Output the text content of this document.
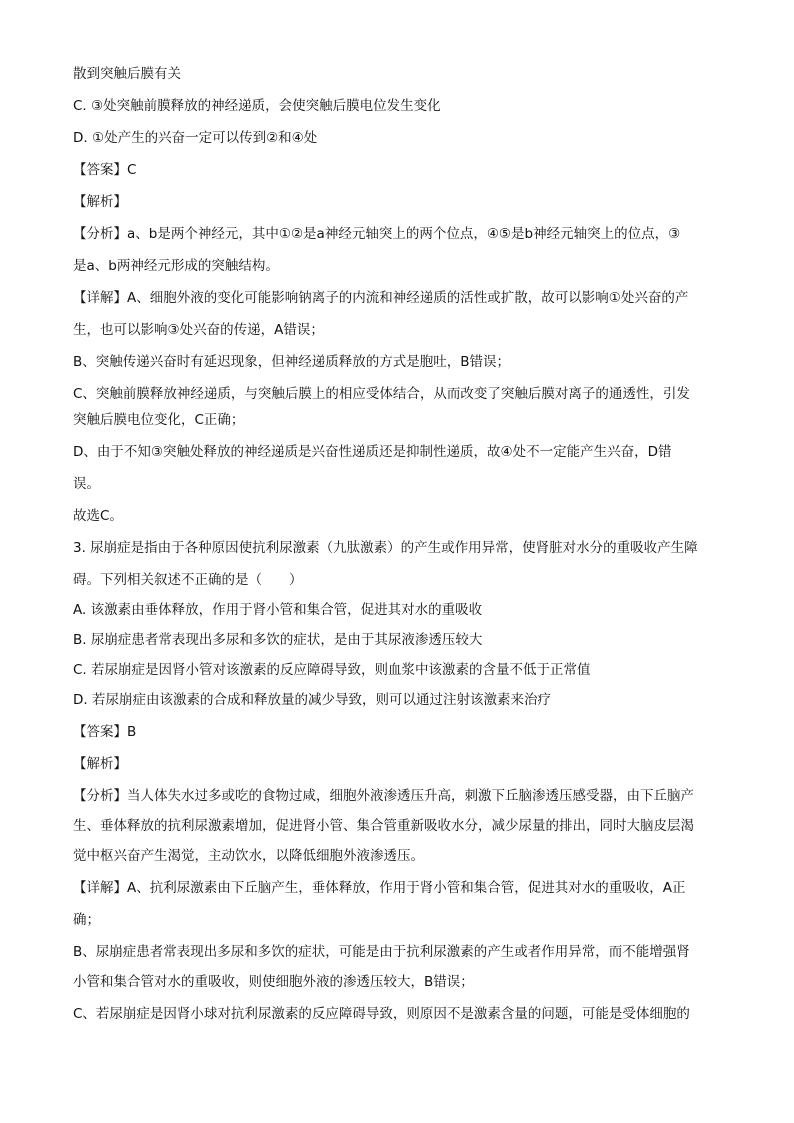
散到突触后膜有关
C. ③处突触前膜释放的神经递质，会使突触后膜电位发生变化
D. ①处产生的兴奋一定可以传到②和④处
【答案】C
【解析】
【分析】a、b是两个神经元，其中①②是a神经元轴突上的两个位点，④⑤是b神经元轴突上的位点，③
是a、b两神经元形成的突触结构。
【详解】A、细胞外液的变化可能影响钠离子的内流和神经递质的活性或扩散，故可以影响①处兴奋的产
生，也可以影响③处兴奋的传递，A错误；
B、突触传递兴奋时有延迟现象，但神经递质释放的方式是胞吐，B错误；
C、突触前膜释放神经递质，与突触后膜上的相应受体结合，从而改变了突触后膜对离子的通透性，引发
突触后膜电位变化，C正确；
D、由于不知③突触处释放的神经递质是兴奋性递质还是抑制性递质，故④处不一定能产生兴奋，D错
误。
故选C。
3. 尿崩症是指由于各种原因使抗利尿激素（九肽激素）的产生或作用异常，使肾脏对水分的重吸收产生障
碍。下列相关叙述不正确的是（　　）
A. 该激素由垂体释放，作用于肾小管和集合管，促进其对水的重吸收
B. 尿崩症患者常表现出多尿和多饮的症状，是由于其尿液渗透压较大
C. 若尿崩症是因肾小管对该激素的反应障碍导致，则血浆中该激素的含量不低于正常值
D. 若尿崩症由该激素的合成和释放量的减少导致，则可以通过注射该激素来治疗
【答案】B
【解析】
【分析】当人体失水过多或吃的食物过咸，细胞外液渗透压升高，刺激下丘脑渗透压感受器，由下丘脑产
生、垂体释放的抗利尿激素增加，促进肾小管、集合管重新吸收水分，减少尿量的排出，同时大脑皮层渴
觉中枢兴奋产生渴觉，主动饮水，以降低细胞外液渗透压。
【详解】A、抗利尿激素由下丘脑产生，垂体释放，作用于肾小管和集合管，促进其对水的重吸收，A正
确；
B、尿崩症患者常表现出多尿和多饮的症状，可能是由于抗利尿激素的产生或者作用异常，而不能增强肾
小管和集合管对水的重吸收，则使细胞外液的渗透压较大，B错误；
C、若尿崩症是因肾小球对抗利尿激素的反应障碍导致，则原因不是激素含量的问题，可能是受体细胞的
